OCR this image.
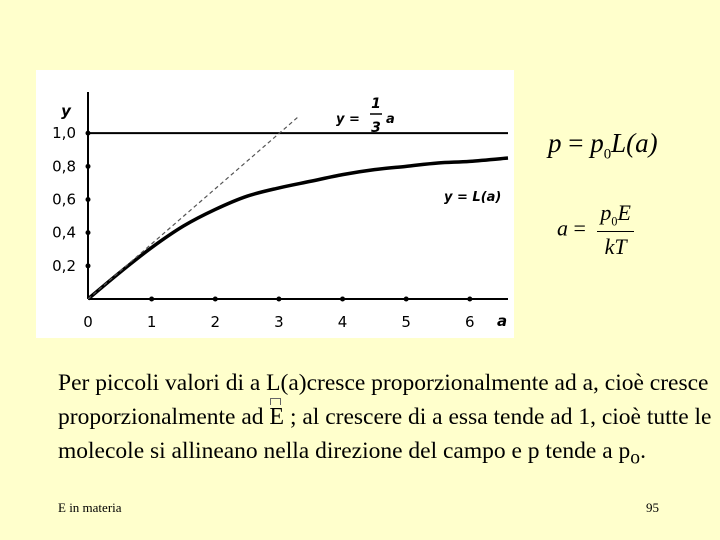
0	1	2	3	4	5	6 a
0,2
0,4
0,6
0,8
1,0
y	y =
1
3
a
y = L(a)
$p = p_0L(a)$
$a = \frac{p_0E}{kT}$
Per piccoli valori di a L(a)cresce proporzionalmente ad a, cioè cresce proporzionalmente ad E ; al crescere di a essa tende ad 1, cioè tutte le molecole si allineano nella direzione del campo e p tende a $p_o$.
E in materia	95
